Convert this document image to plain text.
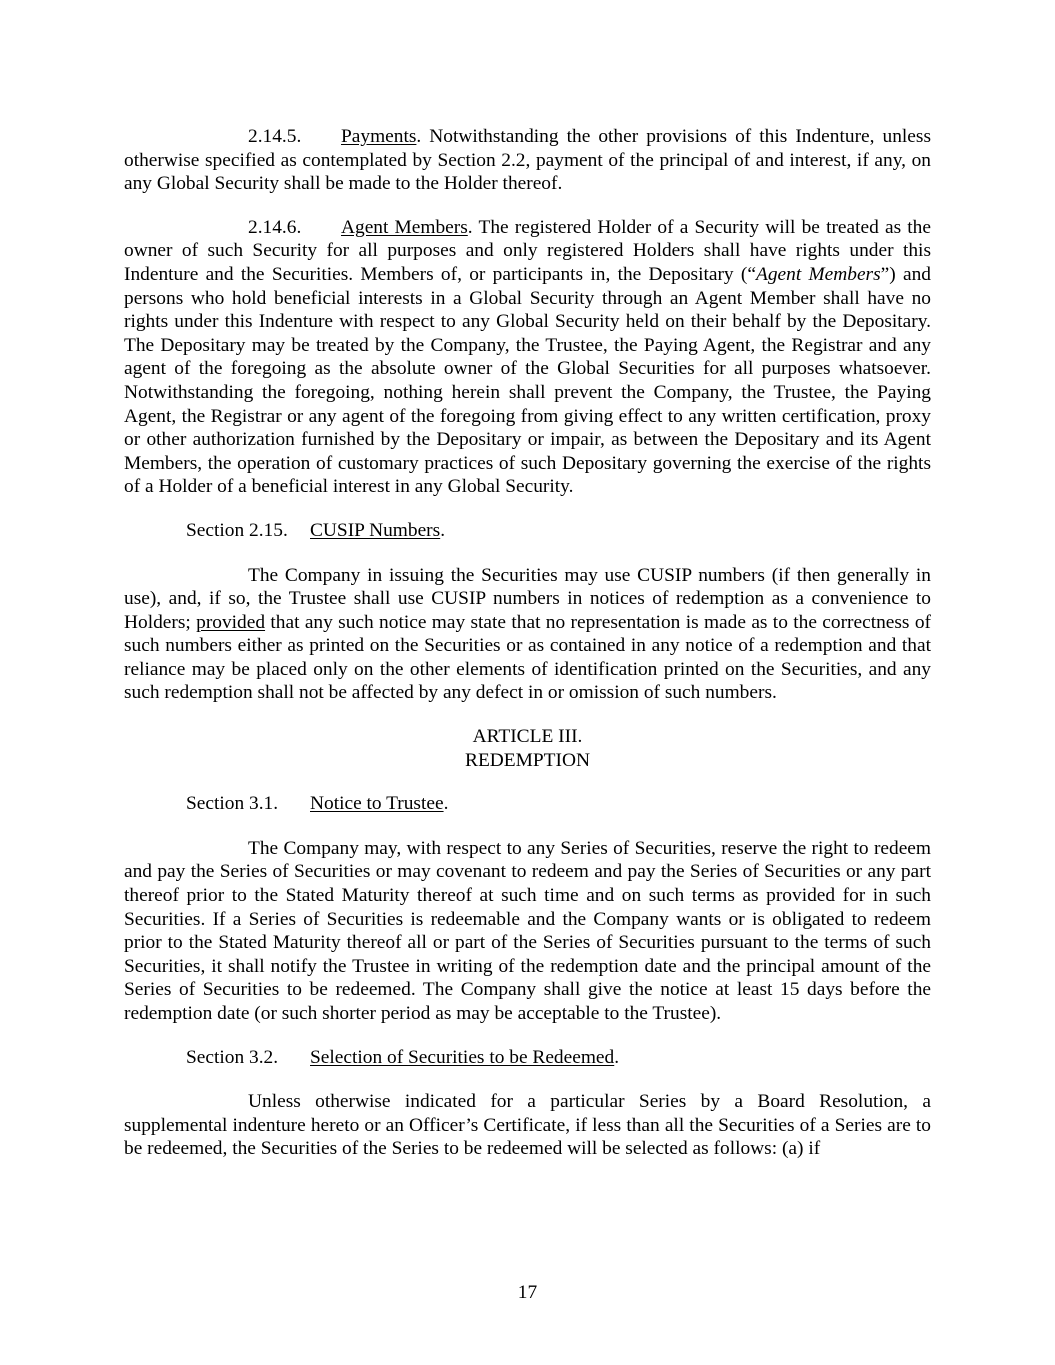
2.14.5. Payments. Notwithstanding the other provisions of this Indenture, unless otherwise specified as contemplated by Section 2.2, payment of the principal of and interest, if any, on any Global Security shall be made to the Holder thereof.

2.14.6. Agent Members. The registered Holder of a Security will be treated as the owner of such Security for all purposes and only registered Holders shall have rights under this Indenture and the Securities. Members of, or participants in, the Depositary (“Agent Members”) and persons who hold beneficial interests in a Global Security through an Agent Member shall have no rights under this Indenture with respect to any Global Security held on their behalf by the Depositary. The Depositary may be treated by the Company, the Trustee, the Paying Agent, the Registrar and any agent of the foregoing as the absolute owner of the Global Securities for all purposes whatsoever. Notwithstanding the foregoing, nothing herein shall prevent the Company, the Trustee, the Paying Agent, the Registrar or any agent of the foregoing from giving effect to any written certification, proxy or other authorization furnished by the Depositary or impair, as between the Depositary and its Agent Members, the operation of customary practices of such Depositary governing the exercise of the rights of a Holder of a beneficial interest in any Global Security.

Section 2.15. CUSIP Numbers.

The Company in issuing the Securities may use CUSIP numbers (if then generally in use), and, if so, the Trustee shall use CUSIP numbers in notices of redemption as a convenience to Holders; provided that any such notice may state that no representation is made as to the correctness of such numbers either as printed on the Securities or as contained in any notice of a redemption and that reliance may be placed only on the other elements of identification printed on the Securities, and any such redemption shall not be affected by any defect in or omission of such numbers.

ARTICLE III.
REDEMPTION

Section 3.1. Notice to Trustee.

The Company may, with respect to any Series of Securities, reserve the right to redeem and pay the Series of Securities or may covenant to redeem and pay the Series of Securities or any part thereof prior to the Stated Maturity thereof at such time and on such terms as provided for in such Securities. If a Series of Securities is redeemable and the Company wants or is obligated to redeem prior to the Stated Maturity thereof all or part of the Series of Securities pursuant to the terms of such Securities, it shall notify the Trustee in writing of the redemption date and the principal amount of the Series of Securities to be redeemed. The Company shall give the notice at least 15 days before the redemption date (or such shorter period as may be acceptable to the Trustee).

Section 3.2. Selection of Securities to be Redeemed.

Unless otherwise indicated for a particular Series by a Board Resolution, a supplemental indenture hereto or an Officer’s Certificate, if less than all the Securities of a Series are to be redeemed, the Securities of the Series to be redeemed will be selected as follows: (a) if

17
